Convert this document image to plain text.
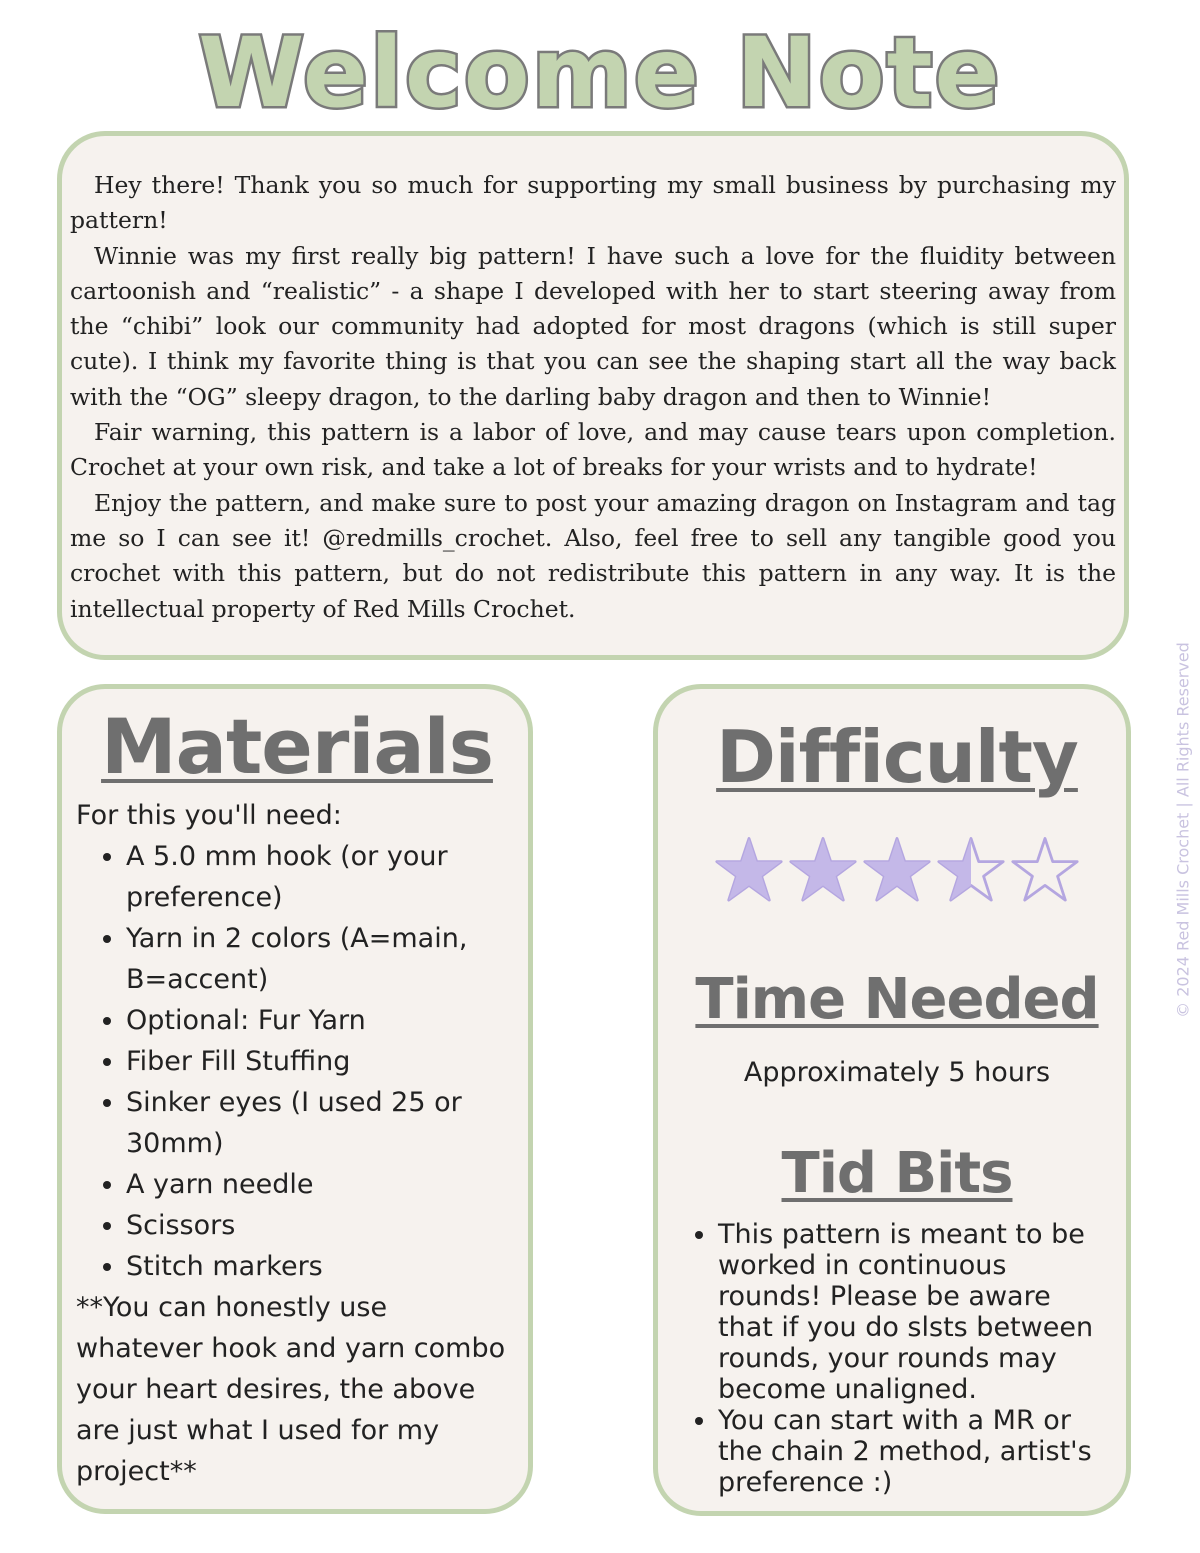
Welcome Note

Hey there! Thank you so much for supporting my small business by purchasing my pattern!

Winnie was my first really big pattern! I have such a love for the fluidity between cartoonish and “realistic” - a shape I developed with her to start steering away from the “chibi” look our community had adopted for most dragons (which is still super cute). I think my favorite thing is that you can see the shaping start all the way back with the “OG” sleepy dragon, to the darling baby dragon and then to Winnie!

Fair warning, this pattern is a labor of love, and may cause tears upon completion. Crochet at your own risk, and take a lot of breaks for your wrists and to hydrate!

Enjoy the pattern, and make sure to post your amazing dragon on Instagram and tag me so I can see it! @redmills_crochet. Also, feel free to sell any tangible good you crochet with this pattern, but do not redistribute this pattern in any way. It is the intellectual property of Red Mills Crochet.

Materials
For this you'll need:
• A 5.0 mm hook (or your preference)
• Yarn in 2 colors (A=main, B=accent)
• Optional: Fur Yarn
• Fiber Fill Stuffing
• Sinker eyes (I used 25 or 30mm)
• A yarn needle
• Scissors
• Stitch markers
**You can honestly use whatever hook and yarn combo your heart desires, the above are just what I used for my project**
Difficulty
Time Needed
Approximately 5 hours
Tid Bits
• This pattern is meant to be worked in continuous rounds! Please be aware that if you do slsts between rounds, your rounds may become unaligned.
• You can start with a MR or the chain 2 method, artist's preference :)
© 2024 Red Mills Crochet | All Rights Reserved
